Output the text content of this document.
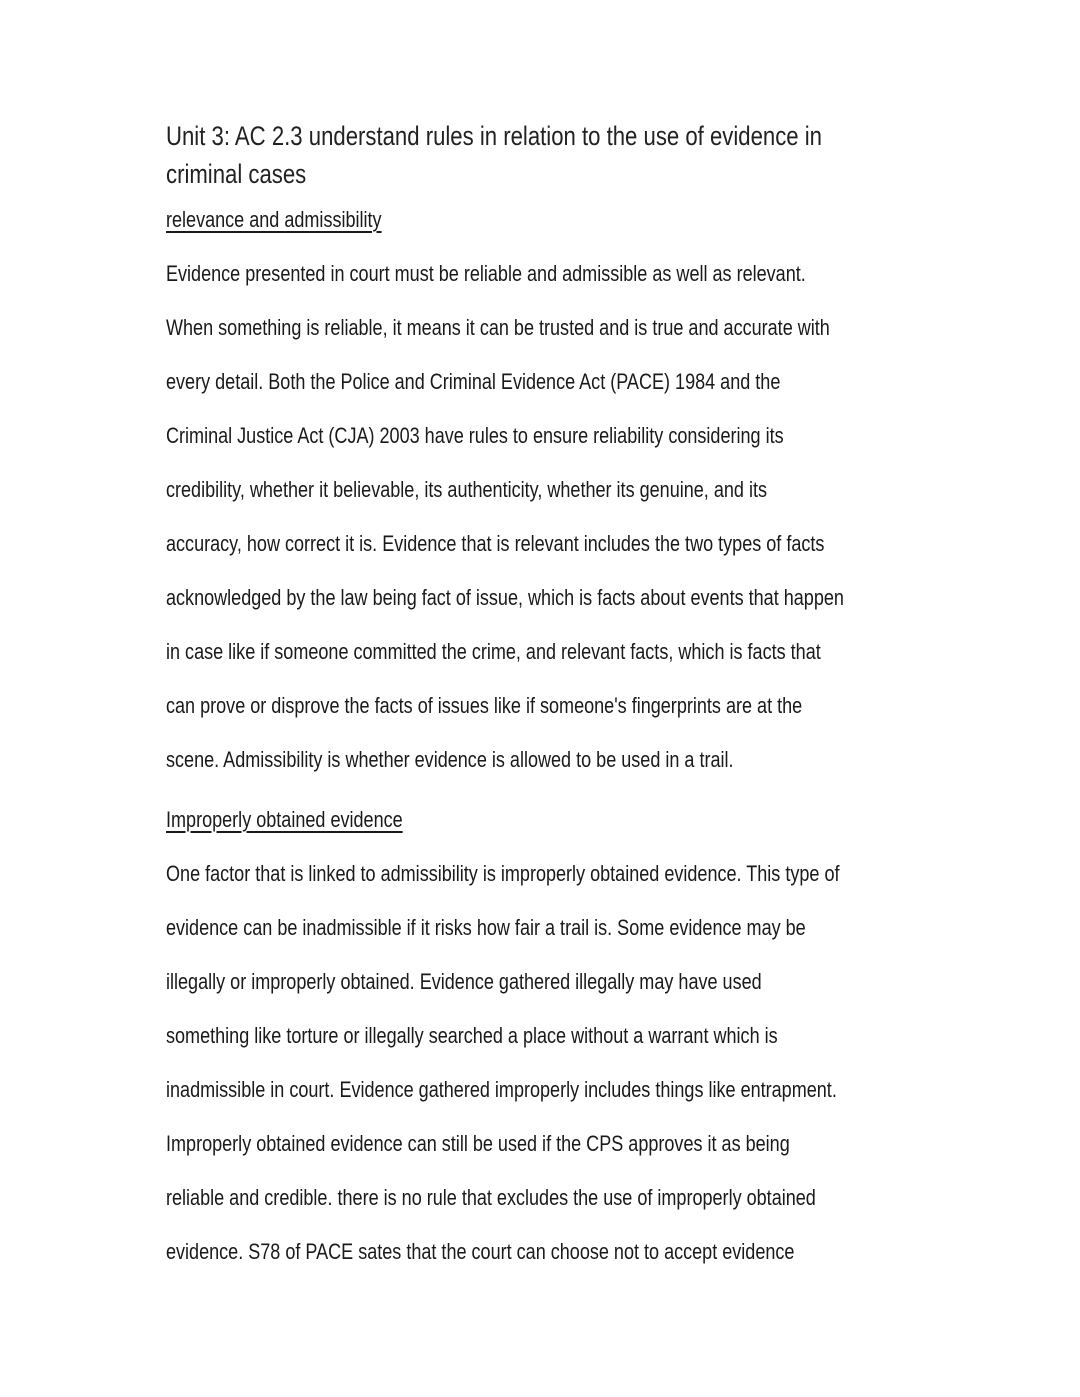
Unit 3: AC 2.3 understand rules in relation to the use of evidence in
criminal cases
relevance and admissibility

Evidence presented in court must be reliable and admissible as well as relevant.

When something is reliable, it means it can be trusted and is true and accurate with

every detail. Both the Police and Criminal Evidence Act (PACE) 1984 and the

Criminal Justice Act (CJA) 2003 have rules to ensure reliability considering its

credibility, whether it believable, its authenticity, whether its genuine, and its

accuracy, how correct it is. Evidence that is relevant includes the two types of facts

acknowledged by the law being fact of issue, which is facts about events that happen

in case like if someone committed the crime, and relevant facts, which is facts that

can prove or disprove the facts of issues like if someone's fingerprints are at the

scene. Admissibility is whether evidence is allowed to be used in a trail.

Improperly obtained evidence

One factor that is linked to admissibility is improperly obtained evidence. This type of

evidence can be inadmissible if it risks how fair a trail is. Some evidence may be

illegally or improperly obtained. Evidence gathered illegally may have used

something like torture or illegally searched a place without a warrant which is

inadmissible in court. Evidence gathered improperly includes things like entrapment.

Improperly obtained evidence can still be used if the CPS approves it as being

reliable and credible. there is no rule that excludes the use of improperly obtained

evidence. S78 of PACE sates that the court can choose not to accept evidence
